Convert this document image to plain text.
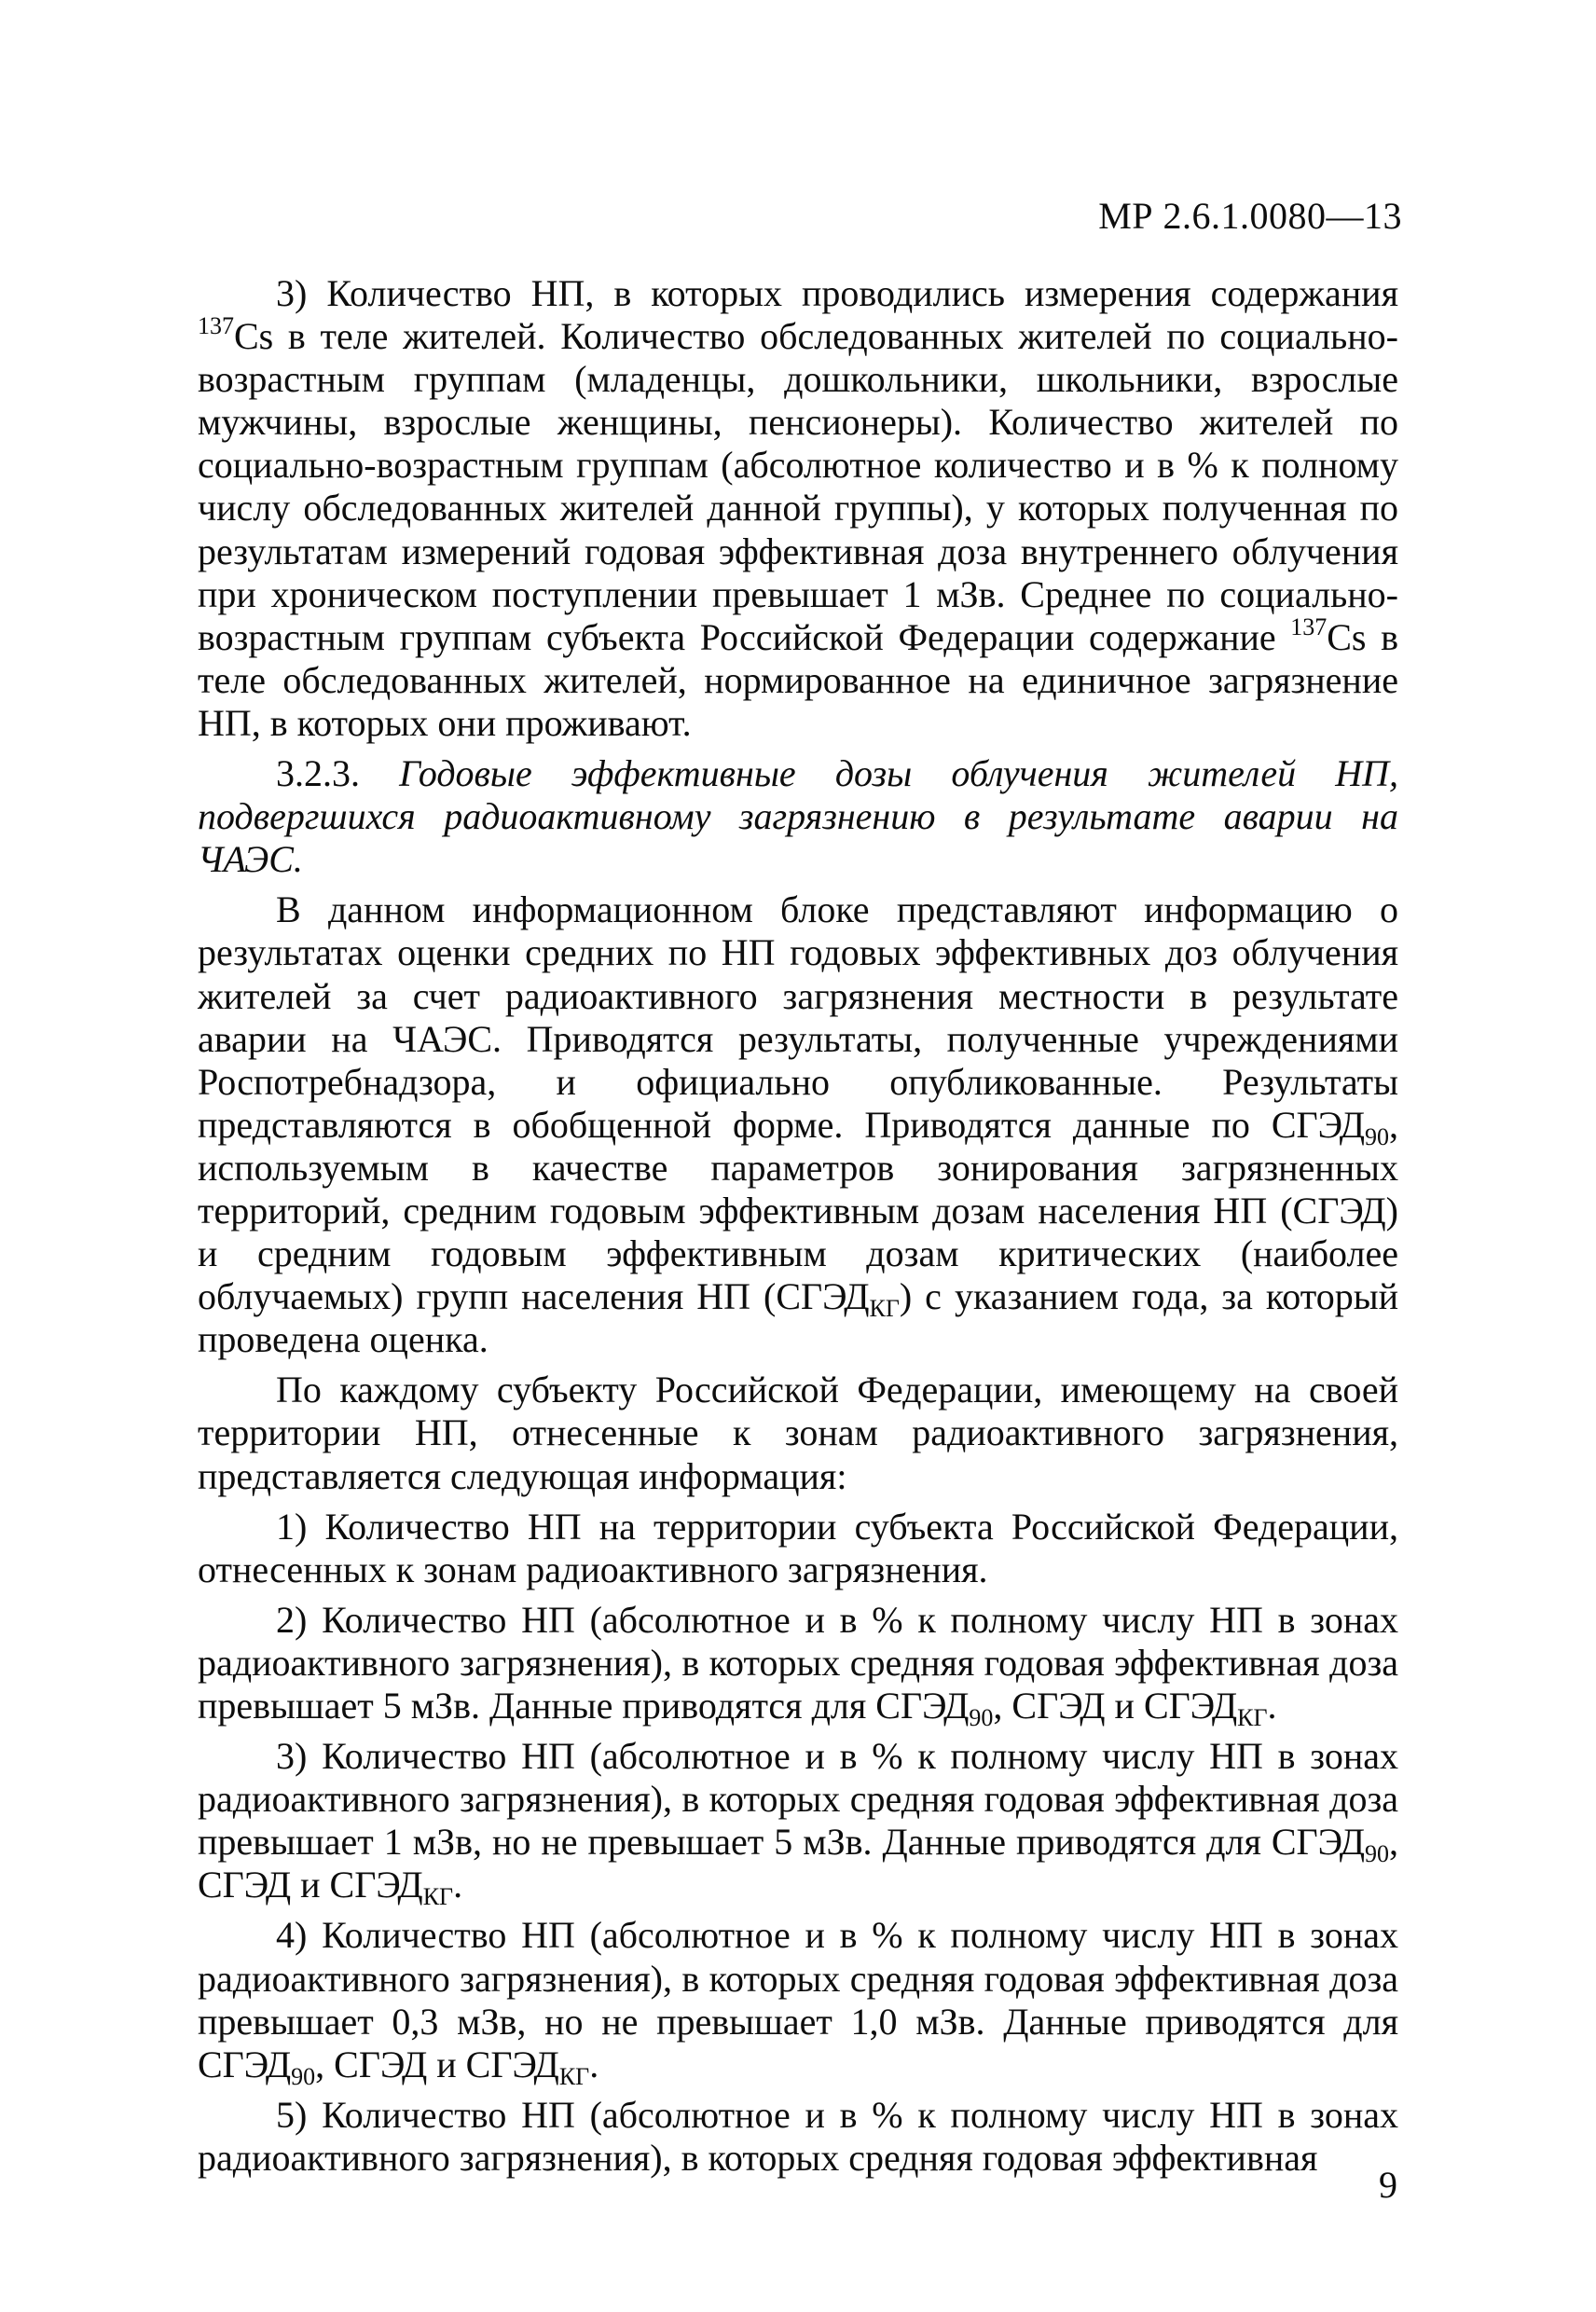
МР 2.6.1.0080—13

3) Количество НП, в которых проводились измерения содержания $^{137}$Cs в теле жителей. Количество обследованных жителей по социально-возрастным группам (младенцы, дошкольники, школьники, взрослые мужчины, взрослые женщины, пенсионеры). Количество жителей по социально-возрастным группам (абсолютное количество и в % к полному числу обследованных жителей данной группы), у которых полученная по результатам измерений годовая эффективная доза внутреннего облучения при хроническом поступлении превышает 1 мЗв. Среднее по социально-возрастным группам субъекта Российской Федерации содержание $^{137}$Cs в теле обследованных жителей, нормированное на единичное загрязнение НП, в которых они проживают.

3.2.3. Годовые эффективные дозы облучения жителей НП, подвергшихся радиоактивному загрязнению в результате аварии на ЧАЭС.

В данном информационном блоке представляют информацию о результатах оценки средних по НП годовых эффективных доз облучения жителей за счет радиоактивного загрязнения местности в результате аварии на ЧАЭС. Приводятся результаты, полученные учреждениями Роспотребнадзора, и официально опубликованные. Результаты представляются в обобщенной форме. Приводятся данные по $СГЭД_{90}$, используемым в качестве параметров зонирования загрязненных территорий, средним годовым эффективным дозам населения НП (СГЭД) и средним годовым эффективным дозам критических (наиболее облучаемых) групп населения НП $(СГЭД_{КГ})$ с указанием года, за который проведена оценка.

По каждому субъекту Российской Федерации, имеющему на своей территории НП, отнесенные к зонам радиоактивного загрязнения, представляется следующая информация:

1) Количество НП на территории субъекта Российской Федерации, отнесенных к зонам радиоактивного загрязнения.

2) Количество НП (абсолютное и в % к полному числу НП в зонах радиоактивного загрязнения), в которых средняя годовая эффективная доза превышает 5 мЗв. Данные приводятся для $СГЭД_{90}$, СГЭД и $СГЭД_{КГ}$.

3) Количество НП (абсолютное и в % к полному числу НП в зонах радиоактивного загрязнения), в которых средняя годовая эффективная доза превышает 1 мЗв, но не превышает 5 мЗв. Данные приводятся для $СГЭД_{90}$, СГЭД и $СГЭД_{КГ}$.

4) Количество НП (абсолютное и в % к полному числу НП в зонах радиоактивного загрязнения), в которых средняя годовая эффективная доза превышает 0,3 мЗв, но не превышает 1,0 мЗв. Данные приводятся для $СГЭД_{90}$, СГЭД и $СГЭД_{КГ}$.

5) Количество НП (абсолютное и в % к полному числу НП в зонах радиоактивного загрязнения), в которых средняя годовая эффективная

9
